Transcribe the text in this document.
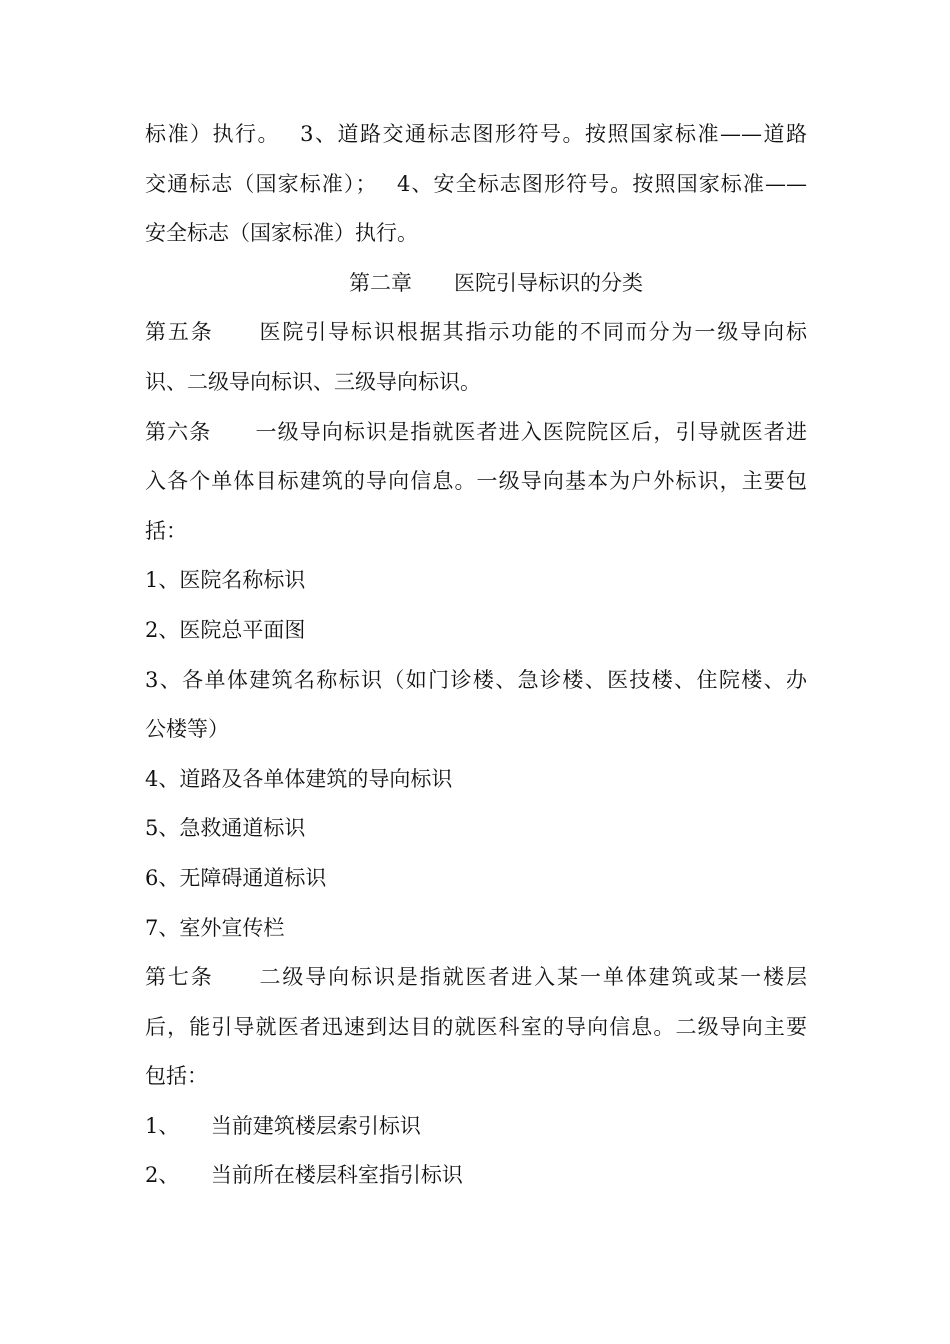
标准）执行。　 3、道路交通标志图形符号。按照国家标准——道路
交通标志（国家标准）；　 4、安全标志图形符号。按照国家标准——
安全标志（国家标准）执行。
第二章　　医院引导标识的分类
第五条　　医院引导标识根据其指示功能的不同而分为一级导向标
识、二级导向标识、三级导向标识。
第六条　　一级导向标识是指就医者进入医院院区后，引导就医者进
入各个单体目标建筑的导向信息。一级导向基本为户外标识，主要包
括：
1、医院名称标识
2、医院总平面图
3、各单体建筑名称标识（如门诊楼、急诊楼、医技楼、住院楼、办
公楼等）
4、道路及各单体建筑的导向标识
5、急救通道标识
6、无障碍通道标识
7、室外宣传栏
第七条　　二级导向标识是指就医者进入某一单体建筑或某一楼层
后，能引导就医者迅速到达目的就医科室的导向信息。二级导向主要
包括：
1、　　当前建筑楼层索引标识
2、　　当前所在楼层科室指引标识
